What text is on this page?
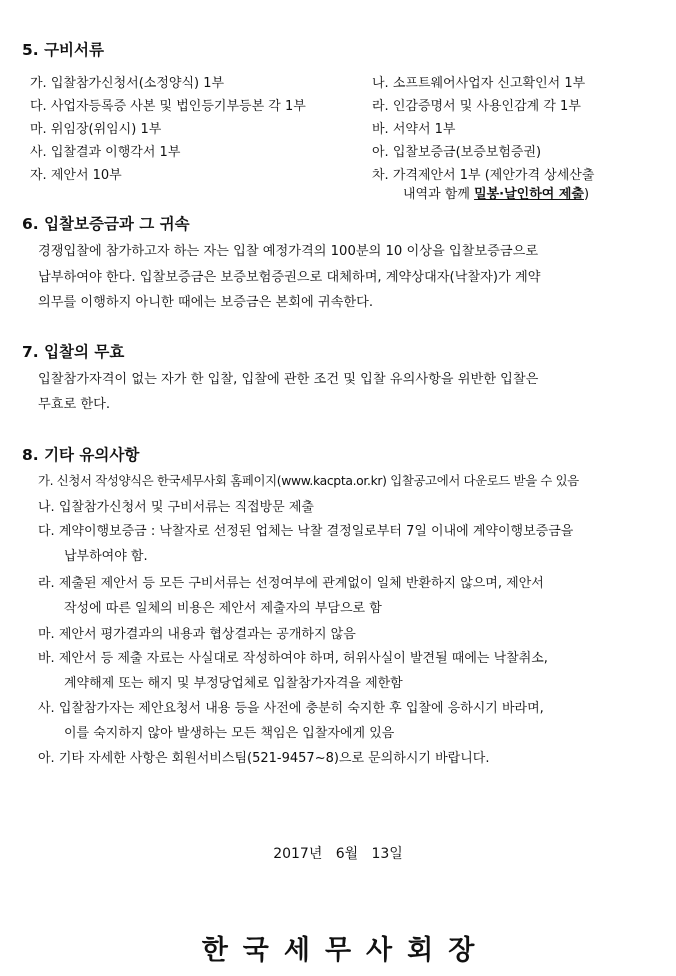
5. 구비서류
가. 입찰참가신청서(소정양식) 1부
다. 사업자등록증 사본 및 법인등기부등본 각 1부
마. 위임장(위임시) 1부
사. 입찰결과 이행각서 1부
자. 제안서 10부
나. 소프트웨어사업자 신고확인서 1부
라. 인감증명서 및 사용인감계 각 1부
바. 서약서 1부
아. 입찰보증금(보증보험증권)
차. 가격제안서 1부 (제안가격 상세산출
내역과 함께 밀봉·날인하여 제출)
6. 입찰보증금과 그 귀속
경쟁입찰에 참가하고자 하는 자는 입찰 예정가격의 100분의 10 이상을 입찰보증금으로
납부하여야 한다. 입찰보증금은 보증보험증권으로 대체하며, 계약상대자(낙찰자)가 계약
의무를 이행하지 아니한 때에는 보증금은 본회에 귀속한다.
7. 입찰의 무효
입찰참가자격이 없는 자가 한 입찰, 입찰에 관한 조건 및 입찰 유의사항을 위반한 입찰은
무효로 한다.
8. 기타 유의사항
가. 신청서 작성양식은 한국세무사회 홈페이지(www.kacpta.or.kr) 입찰공고에서 다운로드 받을 수 있음
나. 입찰참가신청서 및 구비서류는 직접방문 제출
다. 계약이행보증금 : 낙찰자로 선정된 업체는 낙찰 결정일로부터 7일 이내에 계약이행보증금을
납부하여야 함.
라. 제출된 제안서 등 모든 구비서류는 선정여부에 관계없이 일체 반환하지 않으며, 제안서
작성에 따른 일체의 비용은 제안서 제출자의 부담으로 함
마. 제안서 평가결과의 내용과 협상결과는 공개하지 않음
바. 제안서 등 제출 자료는 사실대로 작성하여야 하며, 허위사실이 발견될 때에는 낙찰취소,
계약해제 또는 해지 및 부정당업체로 입찰참가자격을 제한함
사. 입찰참가자는 제안요청서 내용 등을 사전에 충분히 숙지한 후 입찰에 응하시기 바라며,
이를 숙지하지 않아 발생하는 모든 책임은 입찰자에게 있음
아. 기타 자세한 사항은 회원서비스팀(521-9457~8)으로 문의하시기 바랍니다.
2017년   6월   13일
한국세무사회장
